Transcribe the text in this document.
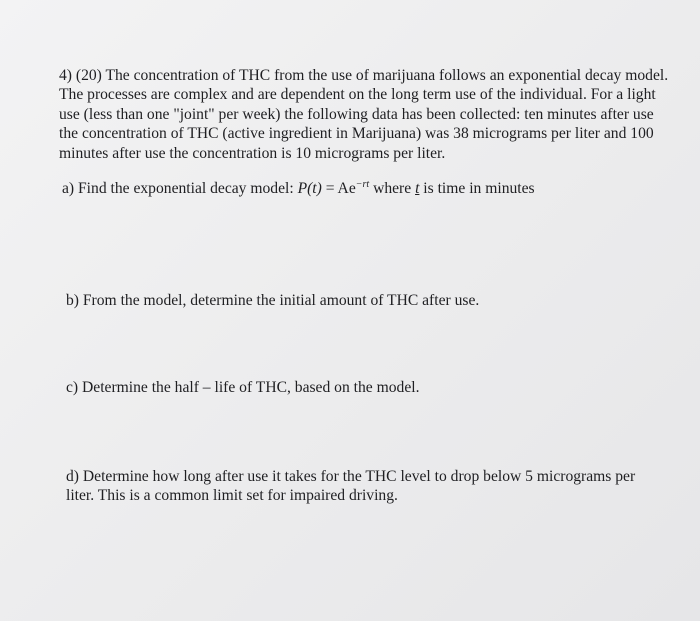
4) (20) The concentration of THC from the use of marijuana follows an exponential decay model. The processes are complex and are dependent on the long term use of the individual. For a light use (less than one "joint" per week) the following data has been collected: ten minutes after use the concentration of THC (active ingredient in Marijuana) was 38 micrograms per liter and 100 minutes after use the concentration is 10 micrograms per liter.

a) Find the exponential decay model: $P(t) = Ae^{-rt}$ where t is time in minutes

b) From the model, determine the initial amount of THC after use.

c) Determine the half – life of THC, based on the model.

d) Determine how long after use it takes for the THC level to drop below 5 micrograms per liter. This is a common limit set for impaired driving.
